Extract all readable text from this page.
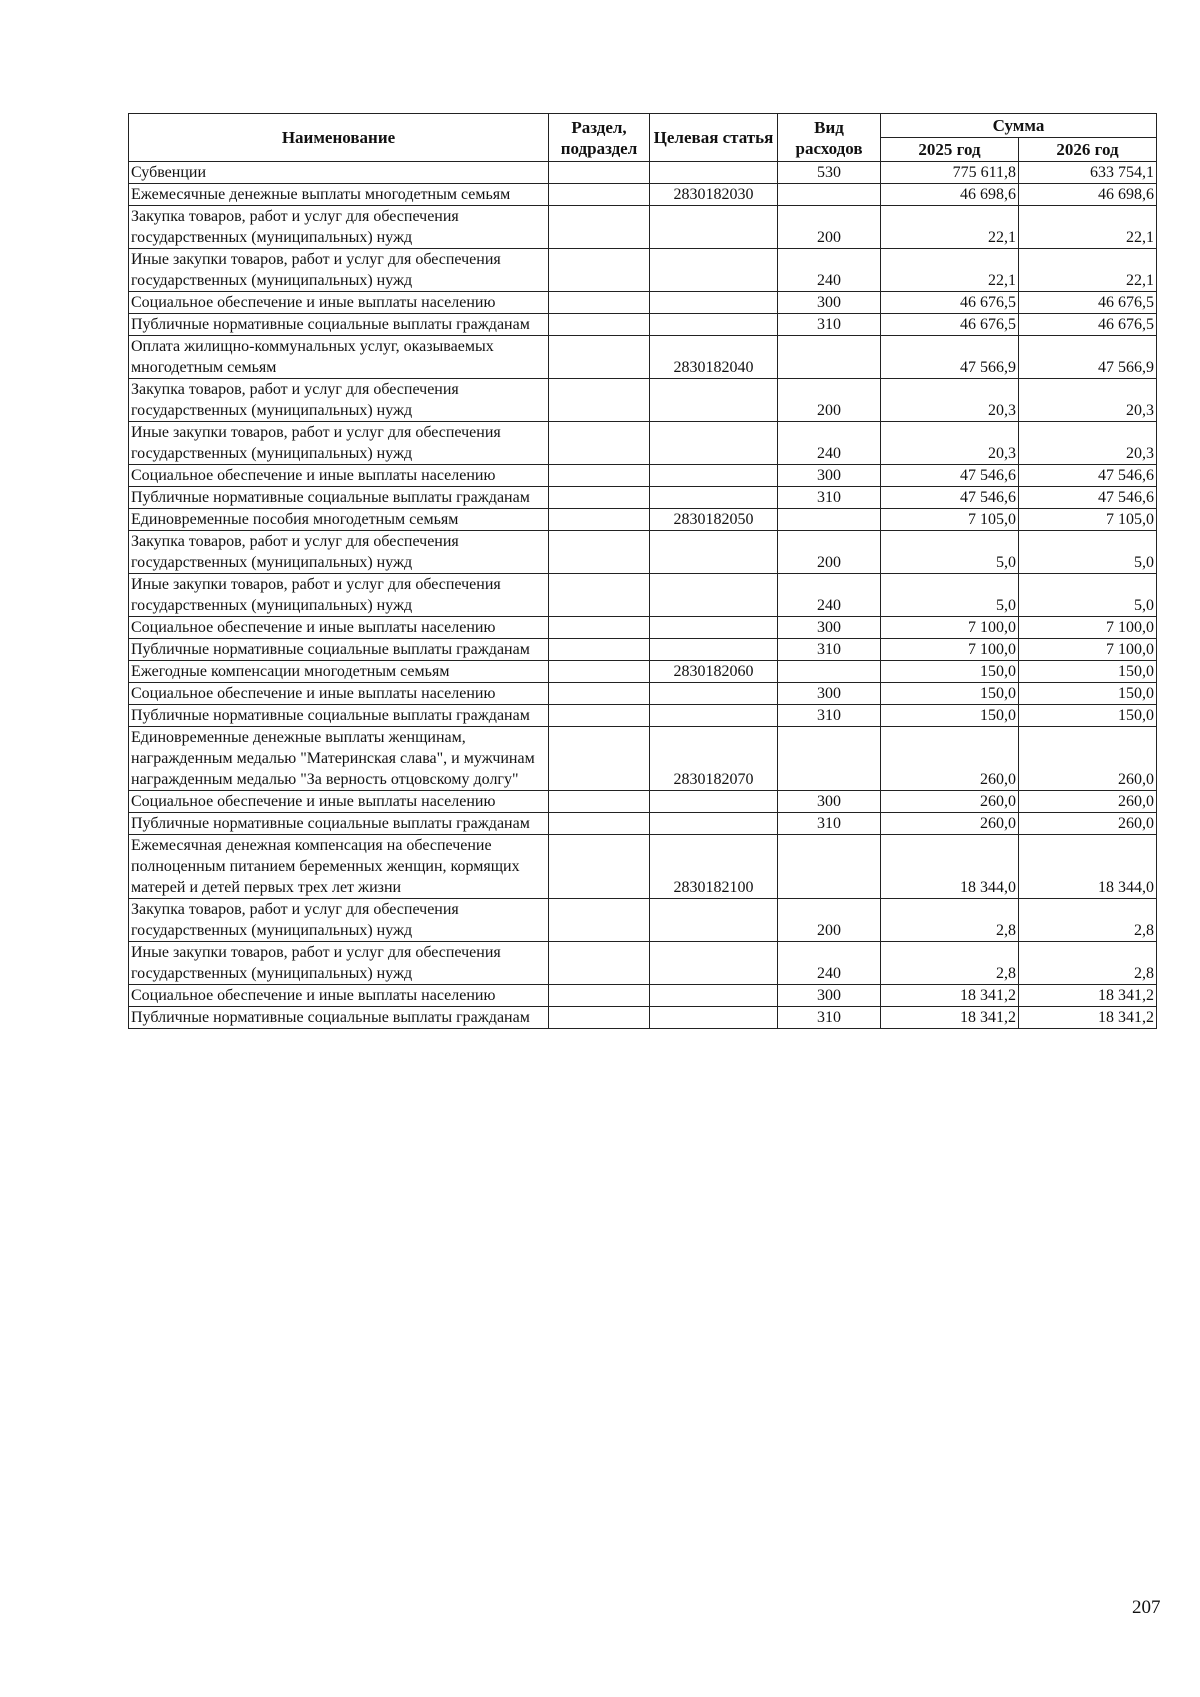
Наименование	Раздел, подраздел	Целевая статья	Вид расходов	Сумма	
				2025 год	2026 год
Субвенции			530	775 611,8	633 754,1
Ежемесячные денежные выплаты многодетным семьям		2830182030		46 698,6	46 698,6
Закупка товаров, работ и услуг для обеспечения государственных (муниципальных) нужд			200	22,1	22,1
Иные закупки товаров, работ и услуг для обеспечения государственных (муниципальных) нужд			240	22,1	22,1
Социальное обеспечение и иные выплаты населению			300	46 676,5	46 676,5
Публичные нормативные социальные выплаты гражданам			310	46 676,5	46 676,5
Оплата жилищно-коммунальных услуг, оказываемых многодетным семьям		2830182040		47 566,9	47 566,9
Закупка товаров, работ и услуг для обеспечения государственных (муниципальных) нужд			200	20,3	20,3
Иные закупки товаров, работ и услуг для обеспечения государственных (муниципальных) нужд			240	20,3	20,3
Социальное обеспечение и иные выплаты населению			300	47 546,6	47 546,6
Публичные нормативные социальные выплаты гражданам			310	47 546,6	47 546,6
Единовременные пособия многодетным семьям		2830182050		7 105,0	7 105,0
Закупка товаров, работ и услуг для обеспечения государственных (муниципальных) нужд			200	5,0	5,0
Иные закупки товаров, работ и услуг для обеспечения государственных (муниципальных) нужд			240	5,0	5,0
Социальное обеспечение и иные выплаты населению			300	7 100,0	7 100,0
Публичные нормативные социальные выплаты гражданам			310	7 100,0	7 100,0
Ежегодные компенсации многодетным семьям		2830182060		150,0	150,0
Социальное обеспечение и иные выплаты населению			300	150,0	150,0
Публичные нормативные социальные выплаты гражданам			310	150,0	150,0
Единовременные денежные выплаты женщинам, награжденным медалью "Материнская слава", и мужчинам награжденным медалью "За верность отцовскому долгу"		2830182070		260,0	260,0
Социальное обеспечение и иные выплаты населению			300	260,0	260,0
Публичные нормативные социальные выплаты гражданам			310	260,0	260,0
Ежемесячная денежная компенсация на обеспечение полноценным питанием беременных женщин, кормящих матерей и детей первых трех лет жизни		2830182100		18 344,0	18 344,0
Закупка товаров, работ и услуг для обеспечения государственных (муниципальных) нужд			200	2,8	2,8
Иные закупки товаров, работ и услуг для обеспечения государственных (муниципальных) нужд			240	2,8	2,8
Социальное обеспечение и иные выплаты населению			300	18 341,2	18 341,2
Публичные нормативные социальные выплаты гражданам			310	18 341,2	18 341,2
207
